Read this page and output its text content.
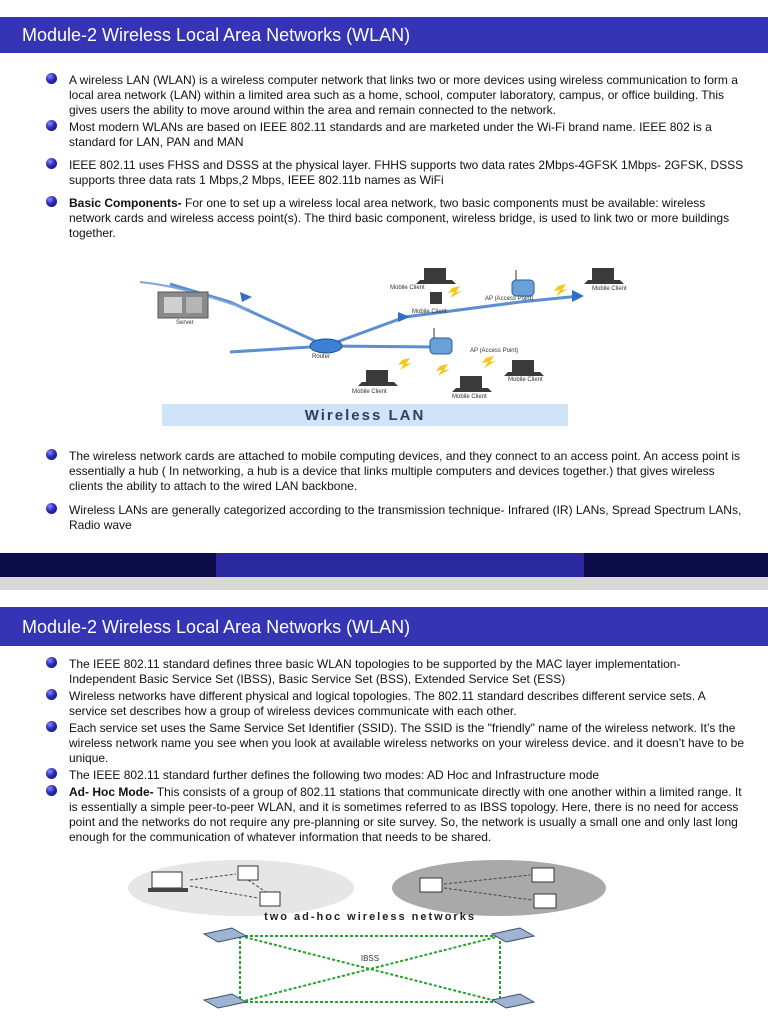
Module-2 Wireless Local Area Networks (WLAN)
A wireless LAN (WLAN) is a wireless computer network that links two or more devices using wireless communication to form a local area network (LAN) within a limited area such as a home, school, computer laboratory, campus, or office building. This gives users the ability to move around within the area and remain connected to the network.
Most modern WLANs are based on IEEE 802.11 standards and are marketed under the Wi-Fi brand name. IEEE 802 is a standard for LAN, PAN and MAN
IEEE 802.11 uses FHSS and DSSS at the physical layer. FHHS supports two data rates 2Mbps-4GFSK 1Mbps- 2GFSK, DSSS supports three data rats 1 Mbps,2 Mbps, IEEE 802.11b names as WiFi
Basic Components- For one to set up a wireless local area network, two basic components must be available: wireless network cards and wireless access point(s). The third basic component, wireless bridge, is used to link two or more buildings together.
Server
Router
AP (Access Point)
AP (Access Point)
Mobile Client
Mobile Client
Mobile Client
Mobile Client
Mobile Client
Mobile Client
Wireless LAN
The wireless network cards are attached to mobile computing devices, and they connect to an access point. An access point is essentially a hub ( In networking, a hub is a device that links multiple computers and devices together.) that gives wireless clients the ability to attach to the wired LAN backbone.
Wireless LANs are generally categorized according to the transmission technique- Infrared (IR) LANs, Spread Spectrum LANs, Radio wave
Module-2 Wireless Local Area Networks (WLAN)
The IEEE 802.11 standard defines three basic WLAN topologies to be supported by the MAC layer implementation-Independent Basic Service Set (IBSS), Basic Service Set (BSS), Extended Service Set (ESS)
Wireless networks have different physical and logical topologies. The 802.11 standard describes different service sets. A service set describes how a group of wireless devices communicate with each other.
Each service set uses the Same Service Set Identifier (SSID). The SSID is the "friendly" name of the wireless network. It’s the wireless network name you see when you look at available wireless networks on your wireless device. and it doesn’t have to be unique.
The IEEE 802.11 standard further defines the following two modes: AD Hoc and Infrastructure mode
Ad- Hoc Mode- This consists of a group of 802.11 stations that communicate directly with one another within a limited range. It is essentially a simple peer-to-peer WLAN, and it is sometimes referred to as IBSS topology. Here, there is no need for access point and the networks do not require any pre-planning or site survey. So, the network is usually a small one and only last long enough for the communication of whatever information that needs to be shared.
two ad-hoc wireless networks
IBSS
